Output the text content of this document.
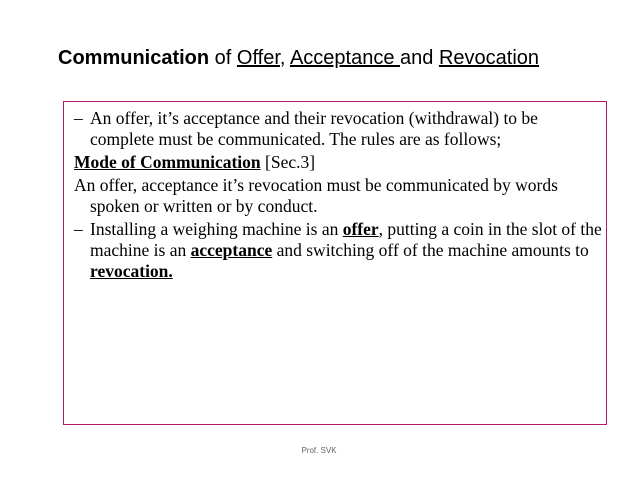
Communication of Offer, Acceptance and Revocation

– An offer, it’s acceptance and their revocation (withdrawal) to be complete must be communicated. The rules are as follows;

Mode of Communication [Sec.3]

An offer, acceptance it’s revocation must be communicated by words spoken or written or by conduct.

– Installing a weighing machine is an offer, putting a coin in the slot of the machine is an acceptance and switching off of the machine amounts to revocation.

Prof. SVK
